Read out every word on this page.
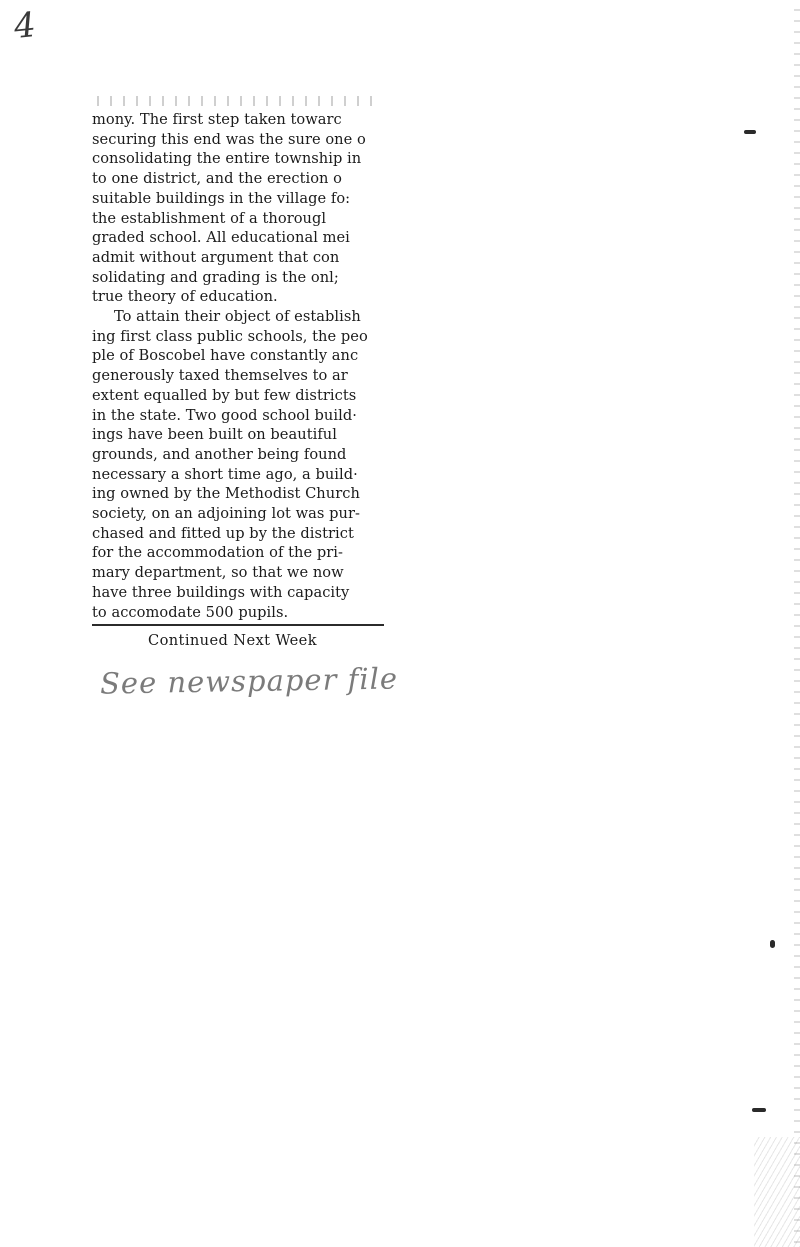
4

mony. The first step taken towarc

securing this end was the sure one o

consolidating the entire township in

to one district, and the erection o

suitable buildings in the village fo:

the establishment of a thorougl

graded school. All educational mei

admit without argument that con

solidating and grading is the onl;

true theory of education.

To attain their object of establish

ing first class public schools, the peo

ple of Boscobel have constantly anc

generously taxed themselves to ar

extent equalled by but few districts

in the state. Two good school build·

ings have been built on beautiful

grounds, and another being found

necessary a short time ago, a build·

ing owned by the Methodist Church

society, on an adjoining lot was pur-

chased and fitted up by the district

for the accommodation of the pri-

mary department, so that we now

have three buildings with capacity

to accomodate 500 pupils.

Continued Next Week
See newspaper file
